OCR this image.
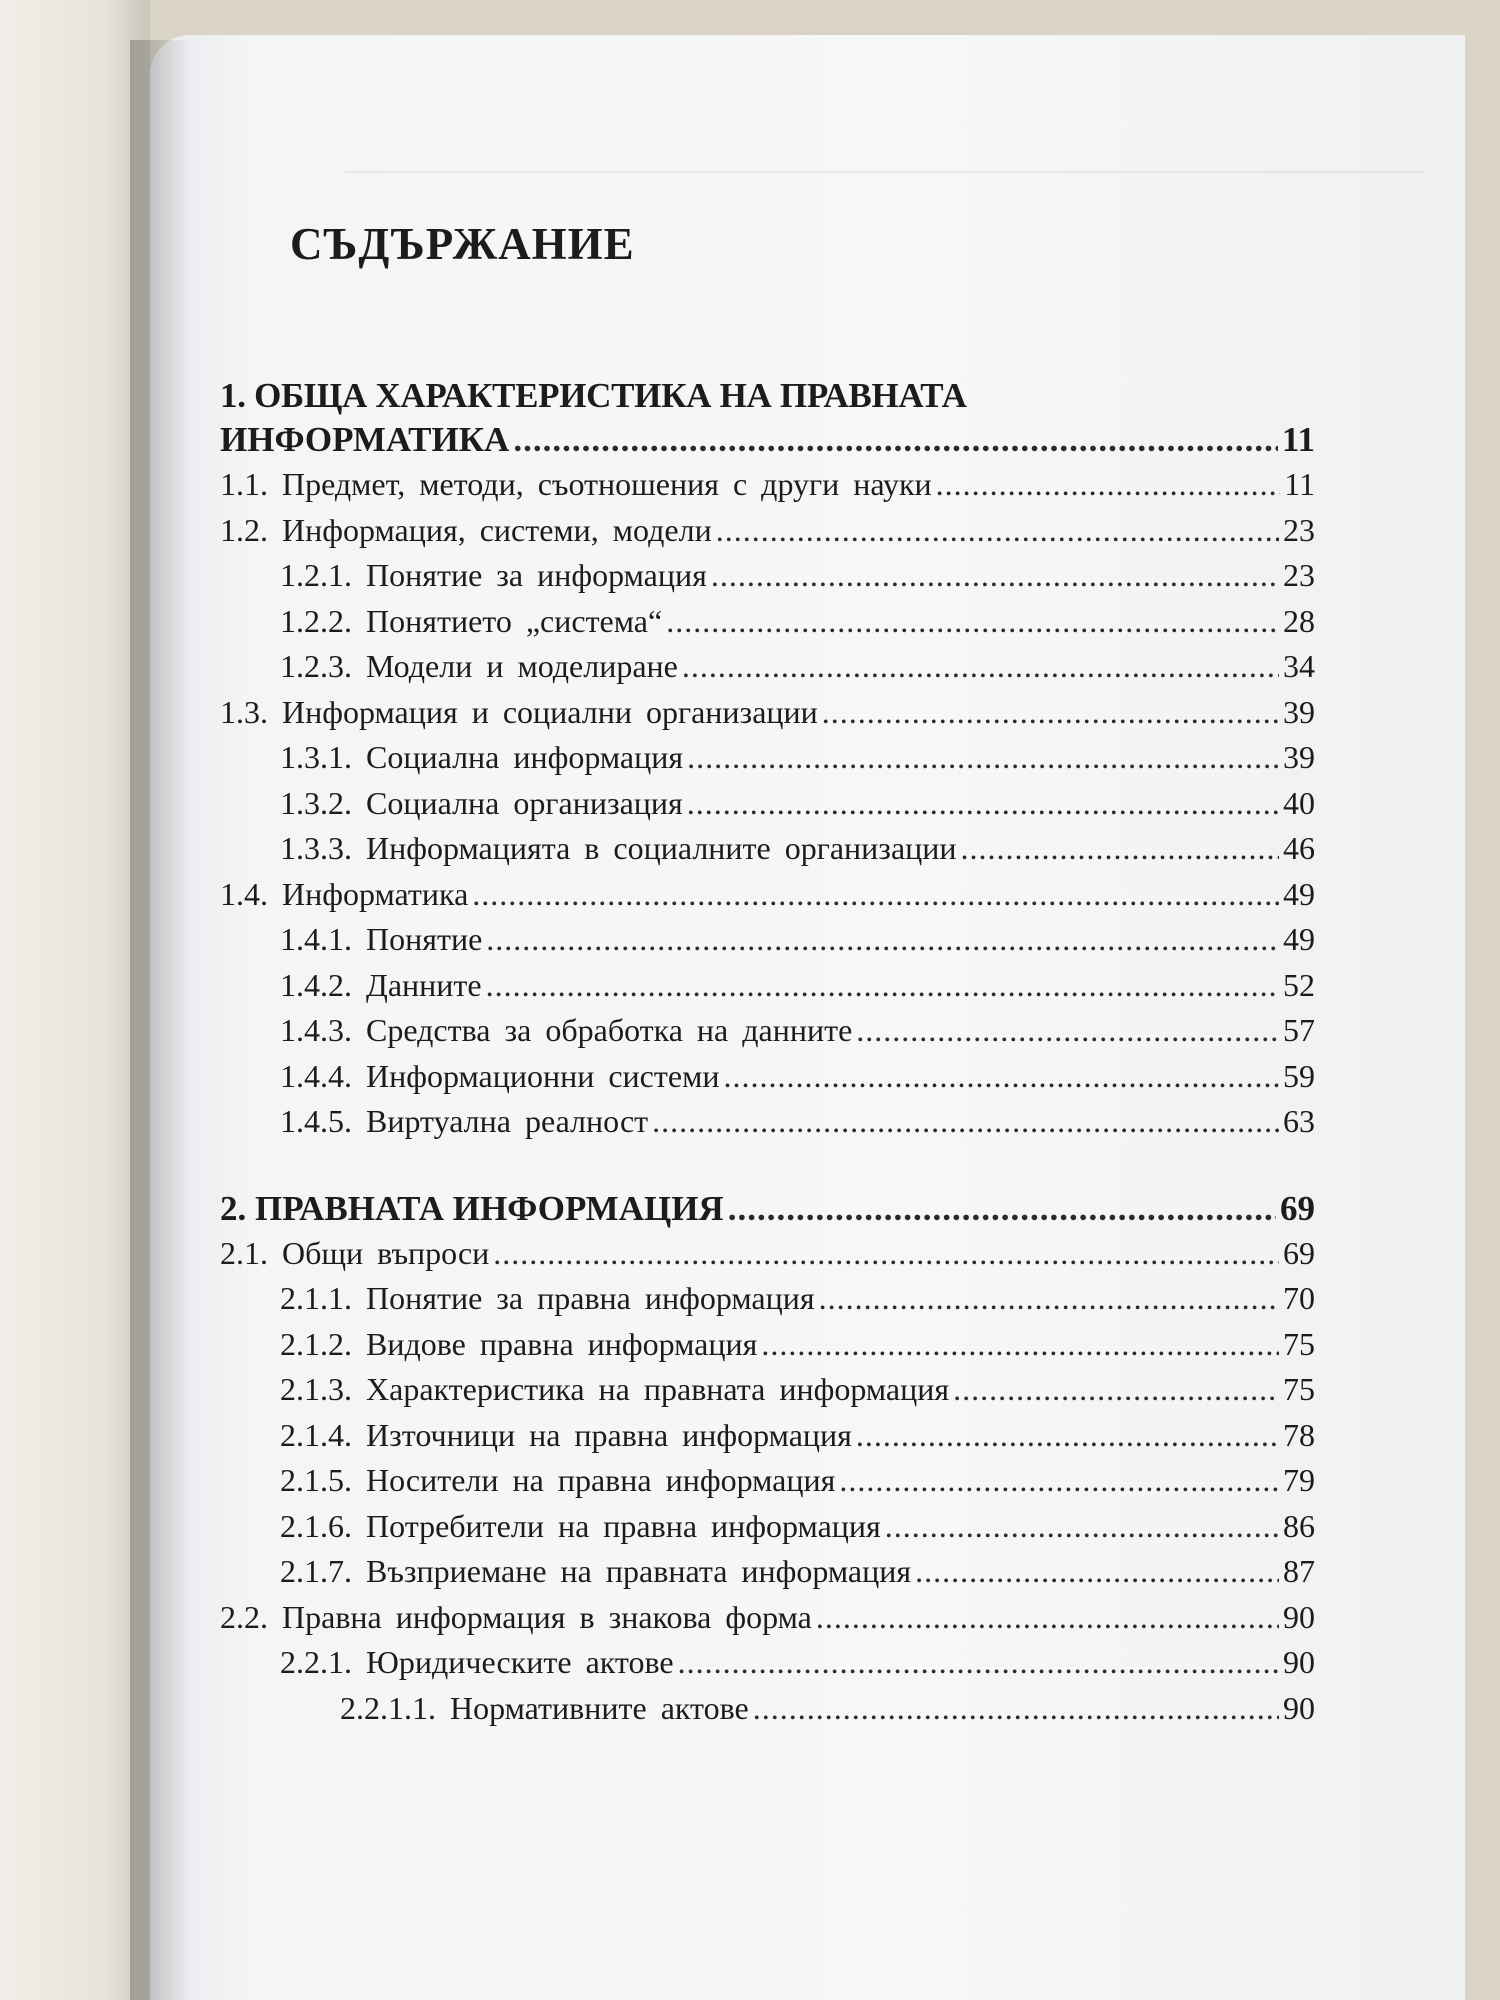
СЪДЪРЖАНИЕ
1. ОБЩА ХАРАКТЕРИСТИКА НА ПРАВНАТА
ИНФОРМАТИКА .....	11
1.1. Предмет, методи, съотношения с други науки .....	11
1.2. Информация, системи, модели .....	23
1.2.1. Понятие за информация .....	23
1.2.2. Понятието „система“ .....	28
1.2.3. Модели и моделиране .....	34
1.3. Информация и социални организации .....	39
1.3.1. Социална информация .....	39
1.3.2. Социална организация .....	40
1.3.3. Информацията в социалните организации .....	46
1.4. Информатика .....	49
1.4.1. Понятие .....	49
1.4.2. Данните .....	52
1.4.3. Средства за обработка на данните .....	57
1.4.4. Информационни системи .....	59
1.4.5. Виртуална реалност .....	63
2. ПРАВНАТА ИНФОРМАЦИЯ .....	69
2.1. Общи въпроси .....	69
2.1.1. Понятие за правна информация .....	70
2.1.2. Видове правна информация .....	75
2.1.3. Характеристика на правната информация .....	75
2.1.4. Източници на правна информация .....	78
2.1.5. Носители на правна информация .....	79
2.1.6. Потребители на правна информация .....	86
2.1.7. Възприемане на правната информация .....	87
2.2. Правна информация в знакова форма .....	90
2.2.1. Юридическите актове .....	90
2.2.1.1. Нормативните актове .....	90
